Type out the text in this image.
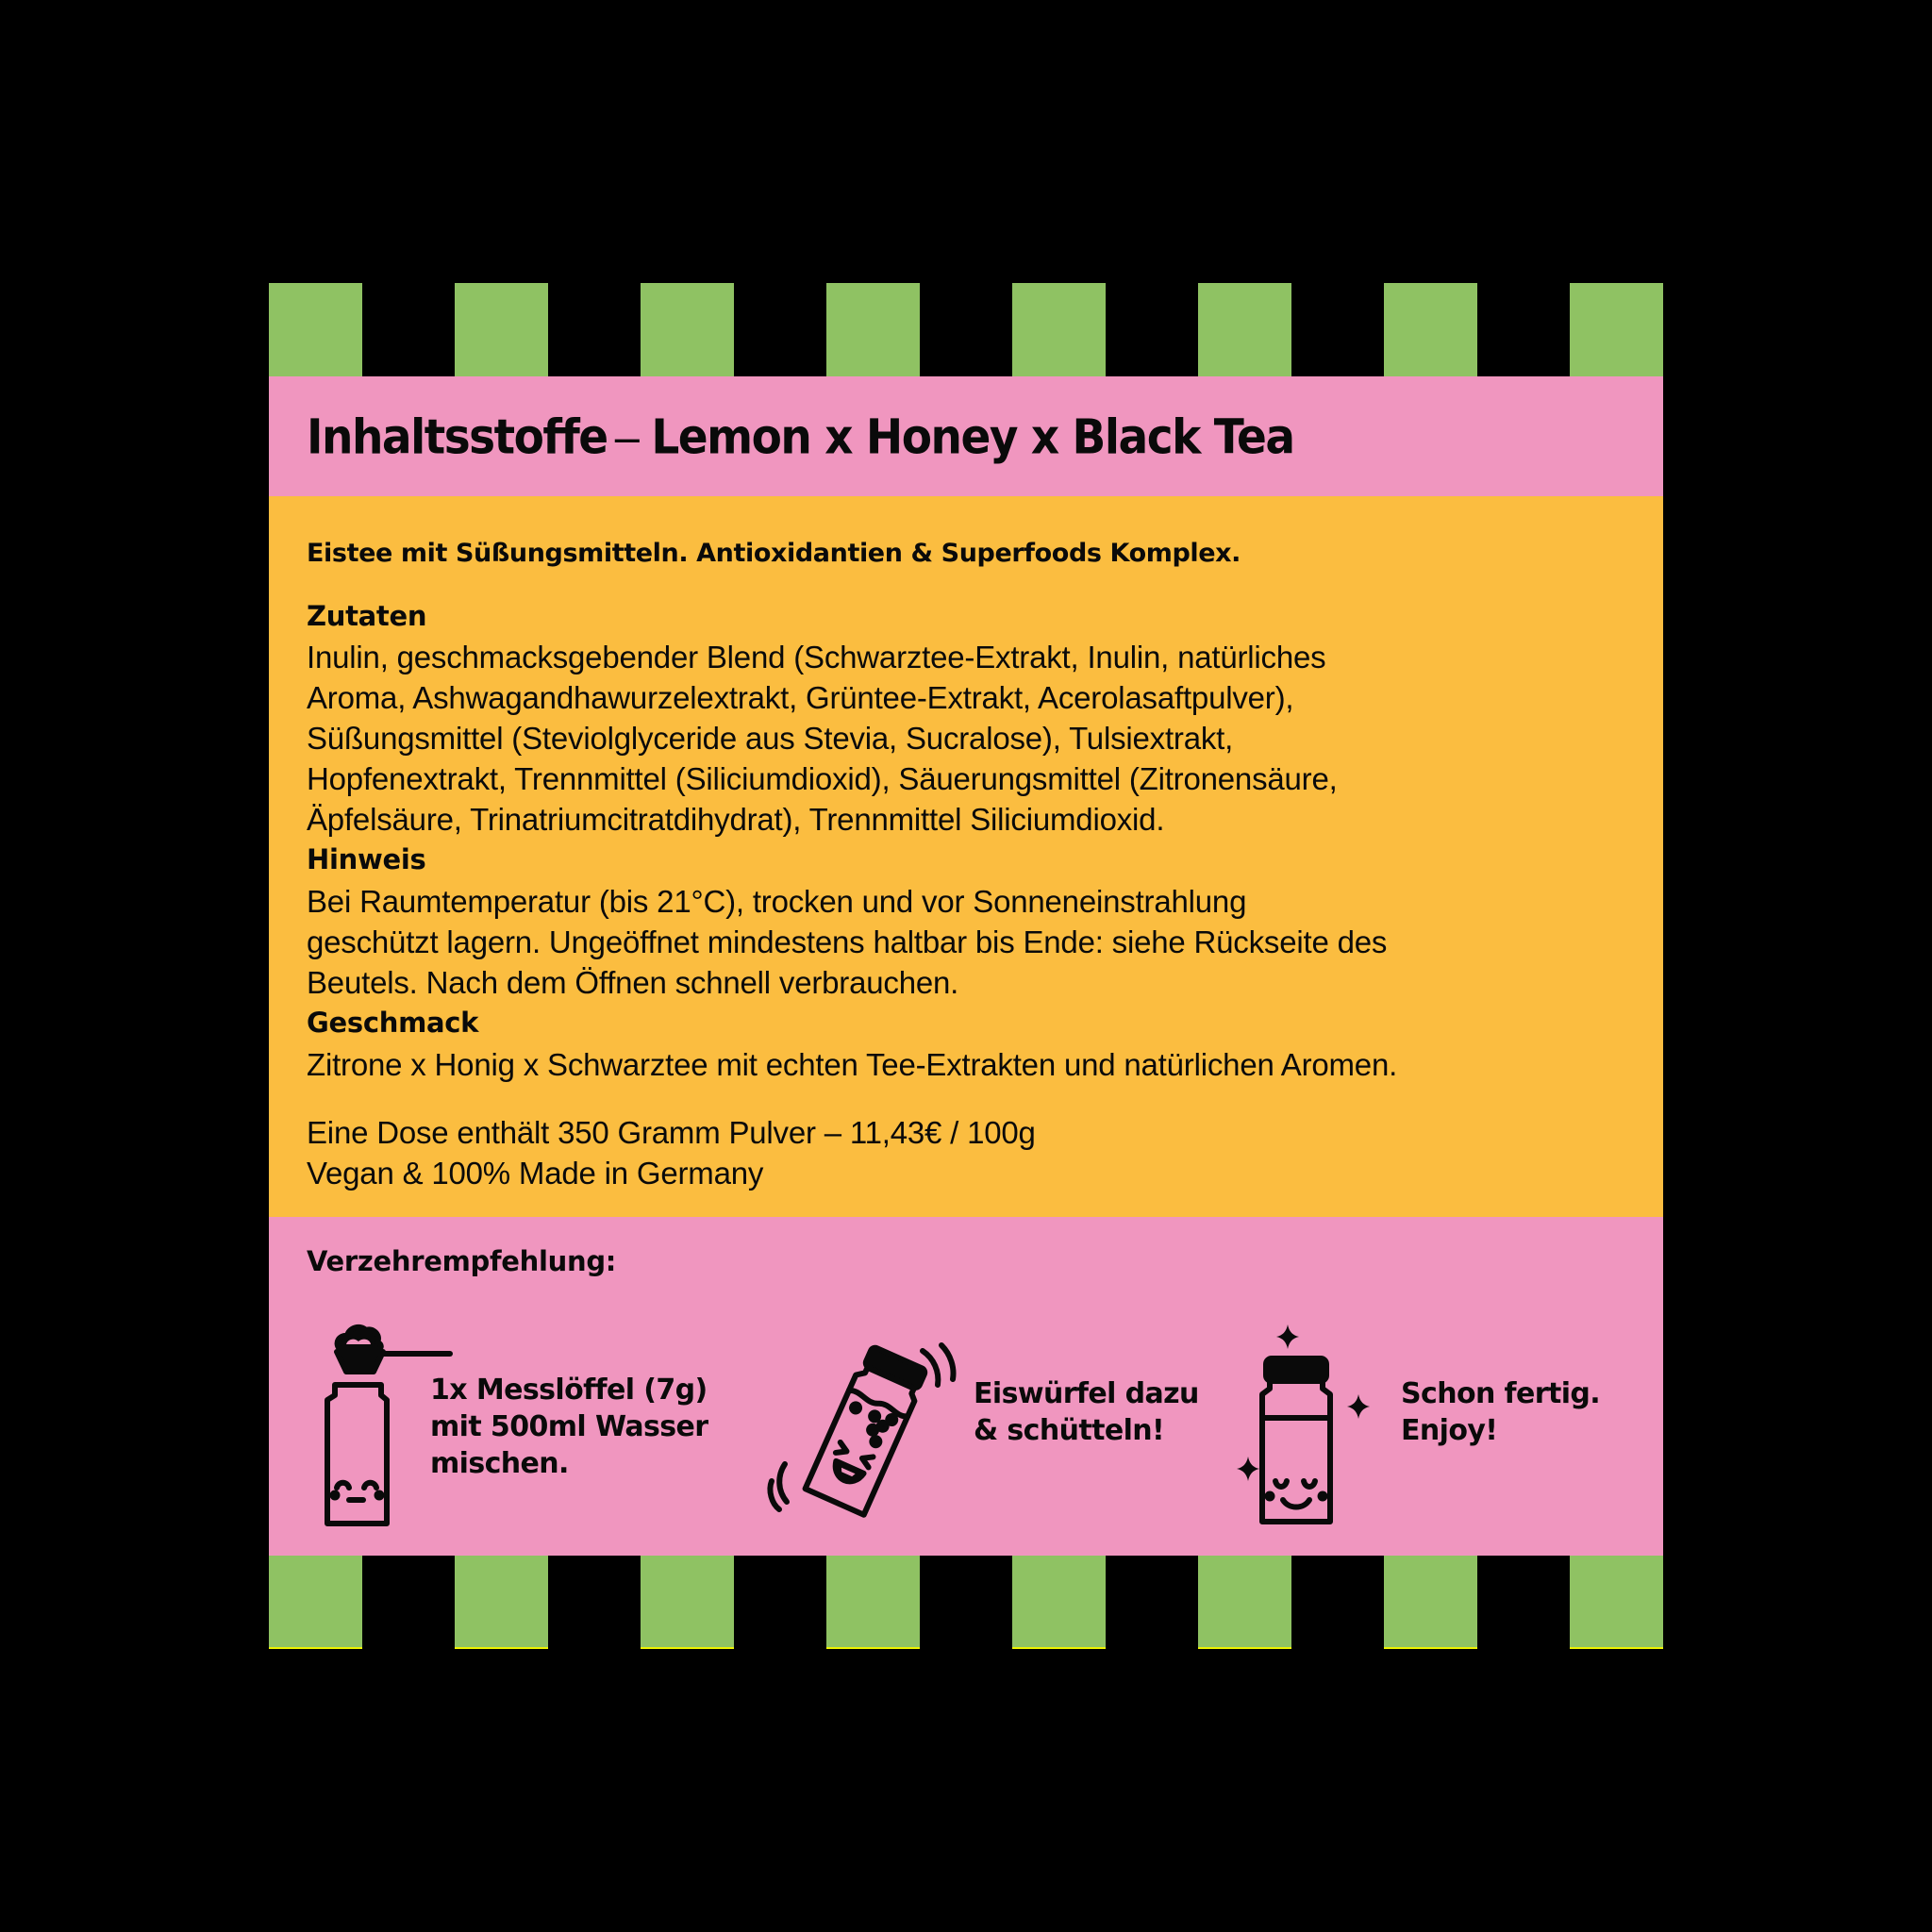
Inhaltsstoffe – Lemon x Honey x Black Tea
Eistee mit Süßungsmitteln. Antioxidantien & Superfoods Komplex.
Zutaten
Inulin, geschmacksgebender Blend (Schwarztee-Extrakt, Inulin, natürliches
Aroma, Ashwagandhawurzelextrakt, Grüntee-Extrakt, Acerolasaftpulver),
Süßungsmittel (Steviolglyceride aus Stevia, Sucralose), Tulsiextrakt,
Hopfenextrakt, Trennmittel (Siliciumdioxid), Säuerungsmittel (Zitronensäure,
Äpfelsäure, Trinatriumcitratdihydrat), Trennmittel Siliciumdioxid.
Hinweis
Bei Raumtemperatur (bis 21°C), trocken und vor Sonneneinstrahlung
geschützt lagern. Ungeöffnet mindestens haltbar bis Ende: siehe Rückseite des
Beutels. Nach dem Öffnen schnell verbrauchen.
Geschmack
Zitrone x Honig x Schwarztee mit echten Tee-Extrakten und natürlichen Aromen.
Eine Dose enthält 350 Gramm Pulver – 11,43€ / 100g
Vegan & 100% Made in Germany
Verzehrempfehlung:
1x Messlöffel (7g)
mit 500ml Wasser
mischen.
Eiswürfel dazu
& schütteln!
Schon fertig.
Enjoy!
